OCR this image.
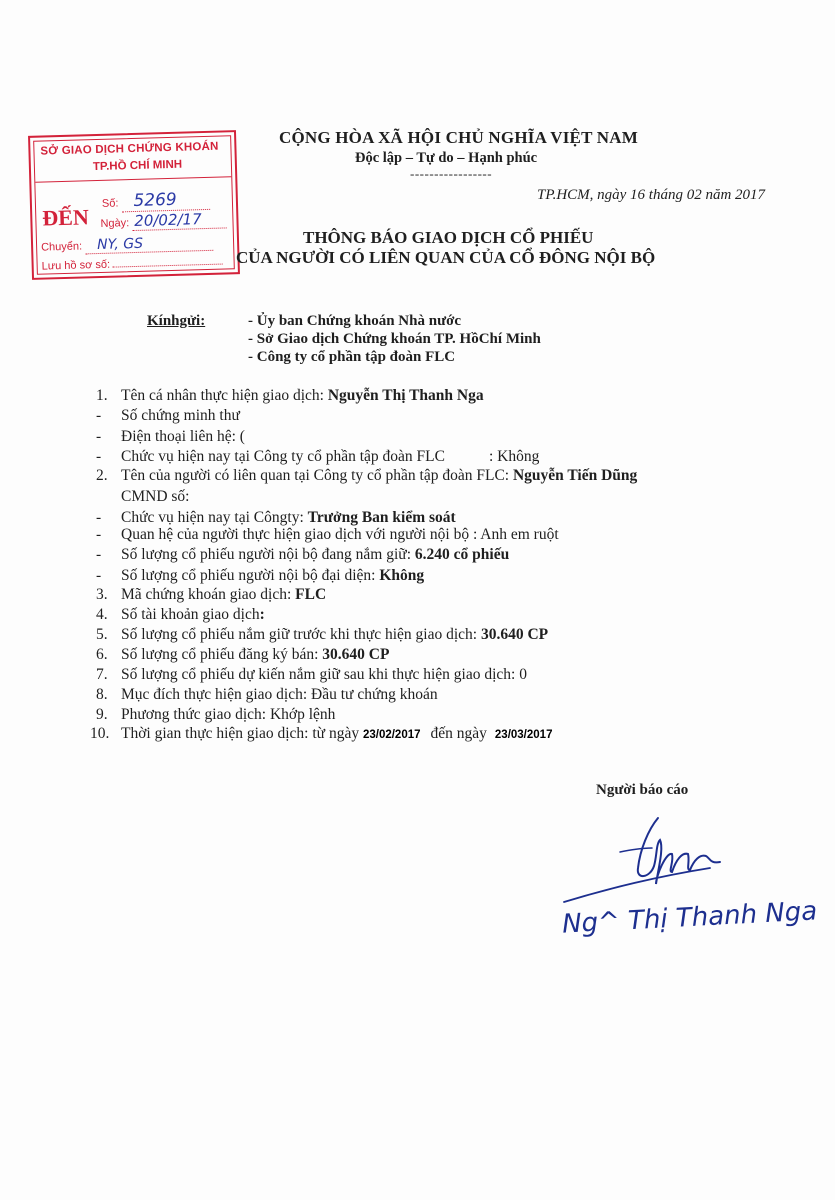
SỞ GIAO DỊCH CHỨNG KHOÁN
TP.HỒ CHÍ MINH
ĐẾN
Số: 5269
Ngày: 20/02/17
Chuyển: NY, GS
Lưu hồ sơ số:
CỘNG HÒA XÃ HỘI CHỦ NGHĨA VIỆT NAM
Độc lập – Tự do – Hạnh phúc
-----------------
TP.HCM, ngày 16 tháng 02 năm 2017
THÔNG BÁO GIAO DỊCH CỔ PHIẾU
CỦA NGƯỜI CÓ LIÊN QUAN CỦA CỔ ĐÔNG NỘI BỘ
Kínhgửi:	- Ủy ban Chứng khoán Nhà nước
- Sở Giao dịch Chứng khoán TP. HồChí Minh
- Công ty cổ phần tập đoàn FLC
1. Tên cá nhân thực hiện giao dịch: Nguyễn Thị Thanh Nga
- Số chứng minh thư
- Điện thoại liên hệ: (
- Chức vụ hiện nay tại Công ty cổ phần tập đoàn FLC	: Không
2. Tên của người có liên quan tại Công ty cổ phần tập đoàn FLC: Nguyễn Tiến Dũng
CMND số:
- Chức vụ hiện nay tại Côngty: Trưởng Ban kiểm soát
- Quan hệ của người thực hiện giao dịch với người nội bộ : Anh em ruột
- Số lượng cổ phiếu người nội bộ đang nắm giữ: 6.240 cổ phiếu
- Số lượng cổ phiếu người nội bộ đại diện: Không
3. Mã chứng khoán giao dịch: FLC
4. Số tài khoản giao dịch:
5. Số lượng cổ phiếu nắm giữ trước khi thực hiện giao dịch: 30.640 CP
6. Số lượng cổ phiếu đăng ký bán: 30.640 CP
7. Số lượng cổ phiếu dự kiến nắm giữ sau khi thực hiện giao dịch: 0
8. Mục đích thực hiện giao dịch: Đầu tư chứng khoán
9. Phương thức giao dịch: Khớp lệnh
10. Thời gian thực hiện giao dịch: từ ngày 23/02/2017 đến ngày 23/03/2017
Người báo cáo
Ng^ Thị Thanh Nga
